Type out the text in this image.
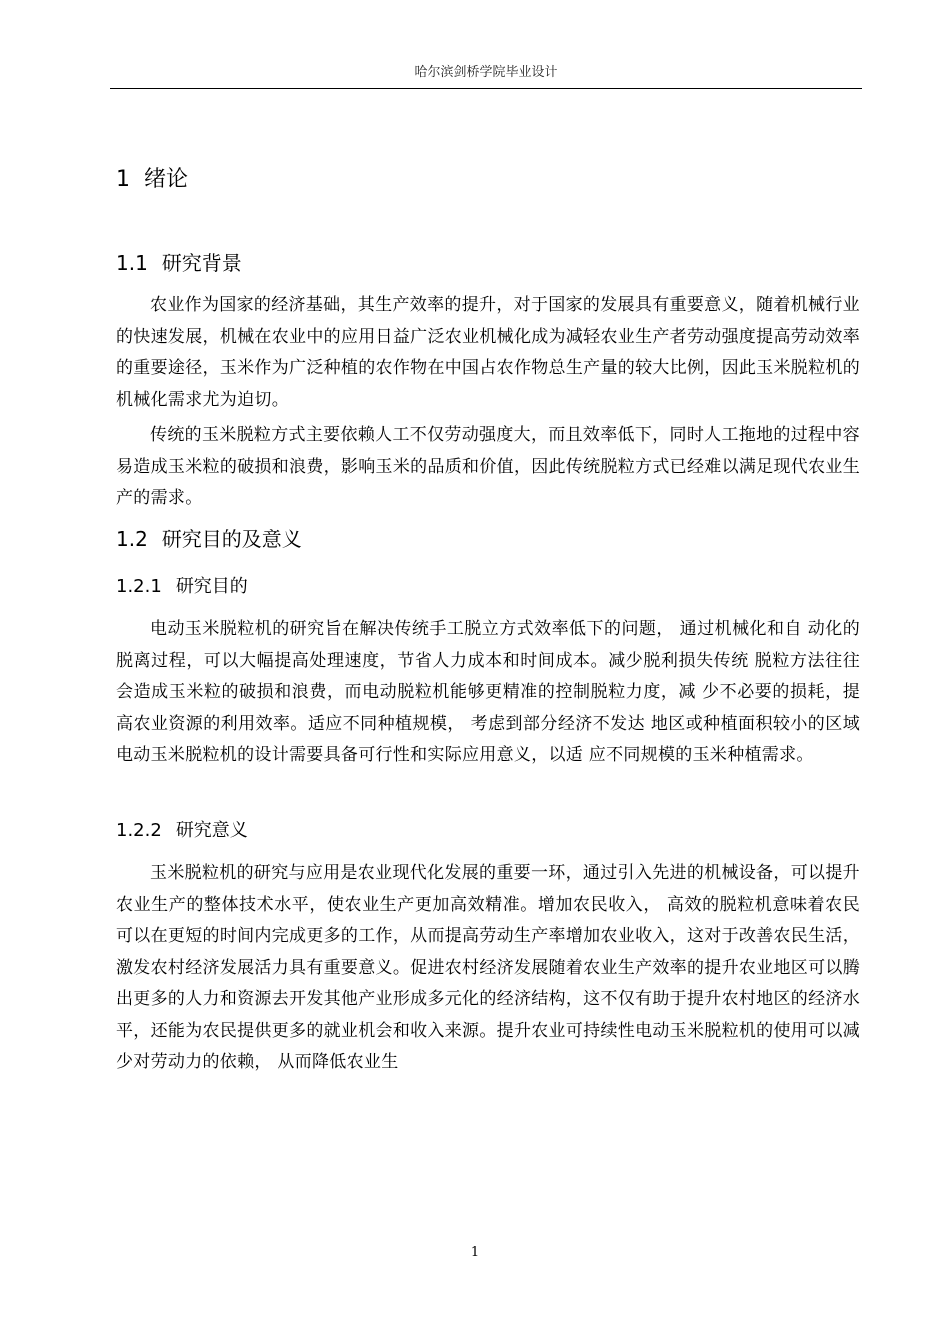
哈尔滨剑桥学院毕业设计
1 绪论
1.1 研究背景
农业作为国家的经济基础，其生产效率的提升，对于国家的发展具有重要意义，随着机械行业的快速发展，机械在农业中的应用日益广泛农业机械化成为减轻农业生产者劳动强度提高劳动效率的重要途径，玉米作为广泛种植的农作物在中国占农作物总生产量的较大比例，因此玉米脱粒机的机械化需求尤为迫切。
传统的玉米脱粒方式主要依赖人工不仅劳动强度大，而且效率低下，同时人工拖地的过程中容易造成玉米粒的破损和浪费，影响玉米的品质和价值，因此传统脱粒方式已经难以满足现代农业生产的需求。
1.2 研究目的及意义
1.2.1 研究目的
电动玉米脱粒机的研究旨在解决传统手工脱立方式效率低下的问题， 通过机械化和自 动化的脱离过程，可以大幅提高处理速度，节省人力成本和时间成本。减少脱利损失传统 脱粒方法往往会造成玉米粒的破损和浪费，而电动脱粒机能够更精准的控制脱粒力度，减 少不必要的损耗，提高农业资源的利用效率。适应不同种植规模， 考虑到部分经济不发达 地区或种植面积较小的区域电动玉米脱粒机的设计需要具备可行性和实际应用意义，以适 应不同规模的玉米种植需求。
1.2.2 研究意义
玉米脱粒机的研究与应用是农业现代化发展的重要一环，通过引入先进的机械设备，可以提升农业生产的整体技术水平，使农业生产更加高效精准。增加农民收入， 高效的脱粒机意味着农民可以在更短的时间内完成更多的工作，从而提高劳动生产率增加农业收入，这对于改善农民生活，激发农村经济发展活力具有重要意义。促进农村经济发展随着农业生产效率的提升农业地区可以腾出更多的人力和资源去开发其他产业形成多元化的经济结构，这不仅有助于提升农村地区的经济水平，还能为农民提供更多的就业机会和收入来源。提升农业可持续性电动玉米脱粒机的使用可以减少对劳动力的依赖， 从而降低农业生
1
